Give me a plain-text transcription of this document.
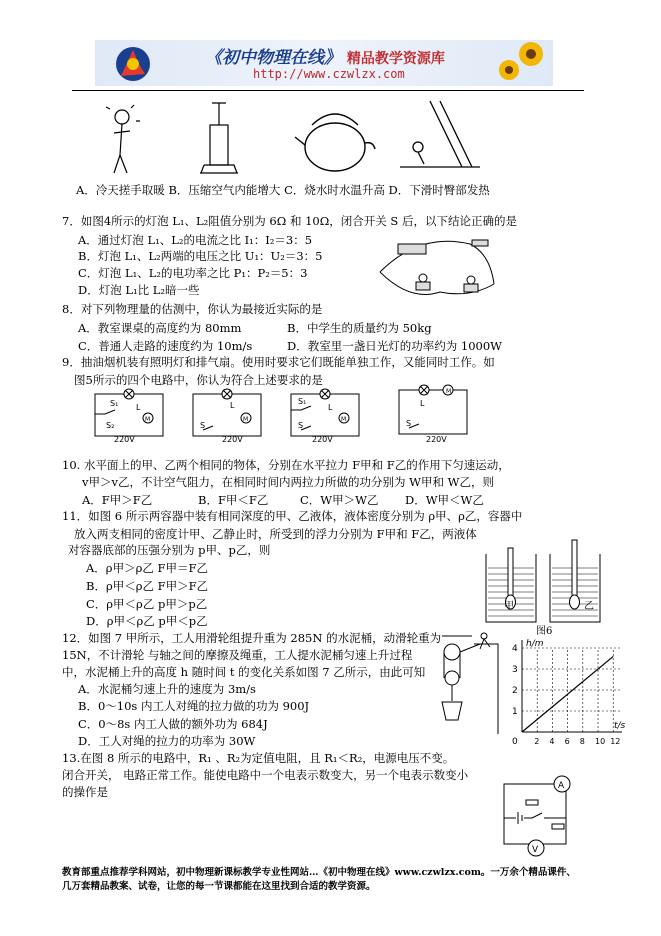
《初中物理在线》 精品教学资源库
http://www.czwlzx.com
A．冷天搓手取暖 B．压缩空气内能增大 C．烧水时水温升高 D．下滑时臀部发热
7．如图4所示的灯泡 L₁、L₂阻值分别为 6Ω 和 10Ω，闭合开关 S 后，以下结论正确的是
A．通过灯泡 L₁、L₂的电流之比 I₁：I₂＝3：5
B．灯泡 L₁、L₂两端的电压之比 U₁：U₂＝3：5
C．灯泡 L₁、L₂的电功率之比 P₁：P₂＝5：3
D．灯泡 L₁比 L₂暗一些
8．对下列物理量的估测中，你认为最接近实际的是
A．教室课桌的高度约为 80mm	B．中学生的质量约为 50kg
C．普通人走路的速度约为 10m/s	D．教室里一盏日光灯的功率约为 1000W
9．抽油烟机装有照明灯和排气扇。使用时要求它们既能单独工作，又能同时工作。如
图5所示的四个电路中，你认为符合上述要求的是
S₁ L
M
S₂
220V
L
M
S
220V
S₁
L
M
S
220V
M
L
S
220V
10. 水平面上的甲、乙两个相同的物体，分别在水平拉力 F甲和 F乙的作用下匀速运动，
v甲＞v乙，不计空气阻力，在相同时间内两拉力所做的功分别为 W甲和 W乙，则
A．F甲＞F乙	B．F甲＜F乙	C．W甲＞W乙 D．W甲＜W乙
11．如图 6 所示两容器中装有相同深度的甲、乙液体，液体密度分别为 ρ甲、ρ乙，容器中
放入两支相同的密度计甲、乙静止时，所受到的浮力分别为 F甲和 F乙，两液体
对容器底部的压强分别为 p甲、p乙，则
A．ρ甲＞ρ乙 F甲＝F乙
B．ρ甲＜ρ乙 F甲＞F乙
C．ρ甲＜ρ乙 p甲＞p乙
D．ρ甲＜ρ乙 p甲＜p乙
甲	乙
图6
12．如图 7 甲所示，工人用滑轮组提升重为 285N 的水泥桶，动滑轮重为
15N，不计滑轮 与轴之间的摩擦及绳重，工人提水泥桶匀速上升过程
中，水泥桶上升的高度 h 随时间 t 的变化关系如图 7 乙所示，由此可知
A．水泥桶匀速上升的速度为 3m/s
B．0～10s 内工人对绳的拉力做的功为 900J
C．0～8s 内工人做的额外功为 684J
D．工人对绳的拉力的功率为 30W
h/m
t/s
0
1
2
3
4
2 4 6 8 10 12
13.在图 8 所示的电路中，R₁ 、R₂为定值电阻，且 R₁＜R₂，电源电压不变。
闭合开关， 电路正常工作。能使电路中一个电表示数变大，另一个电表示数变小
的操作是	A
V
教育部重点推荐学科网站，初中物理新课标教学专业性网站…《初中物理在线》www.czwlzx.com。一万余个精品课件、
几万套精品教案、试卷，让您的每一节课都能在这里找到合适的教学资源。
